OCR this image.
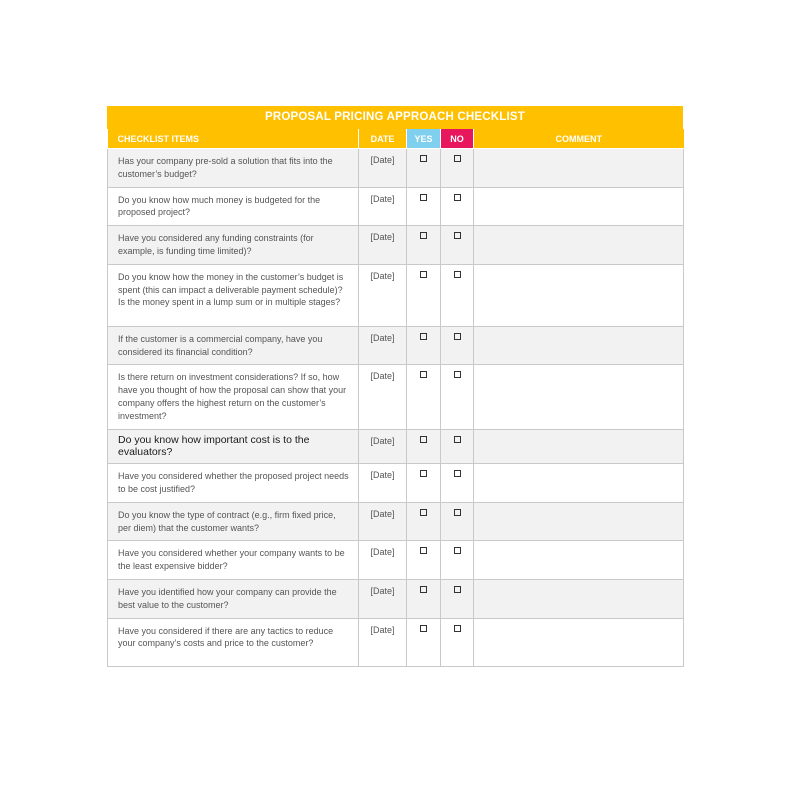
PROPOSAL PRICING APPROACH CHECKLIST
CHECKLIST ITEMS	DATE	YES	NO	COMMENT
Has your company pre-sold a solution that fits into the customer’s budget?	[Date]			
Do you know how much money is budgeted for the proposed project?	[Date]			
Have you considered any funding constraints (for example, is funding time limited)?	[Date]			
Do you know how the money in the customer’s budget is spent (this can impact a deliverable payment schedule)? Is the money spent in a lump sum or in multiple stages?	[Date]			
If the customer is a commercial company, have you considered its financial condition?	[Date]			
Is there return on investment considerations? If so, how have you thought of how the proposal can show that your company offers the highest return on the customer’s investment?	[Date]			
Do you know how important cost is to the evaluators?	[Date]			
Have you considered whether the proposed project needs to be cost justified?	[Date]			
Do you know the type of contract (e.g., firm fixed price, per diem) that the customer wants?	[Date]			
Have you considered whether your company wants to be the least expensive bidder?	[Date]			
Have you identified how your company can provide the best value to the customer?	[Date]			
Have you considered if there are any tactics to reduce your company’s costs and price to the customer?	[Date]			
